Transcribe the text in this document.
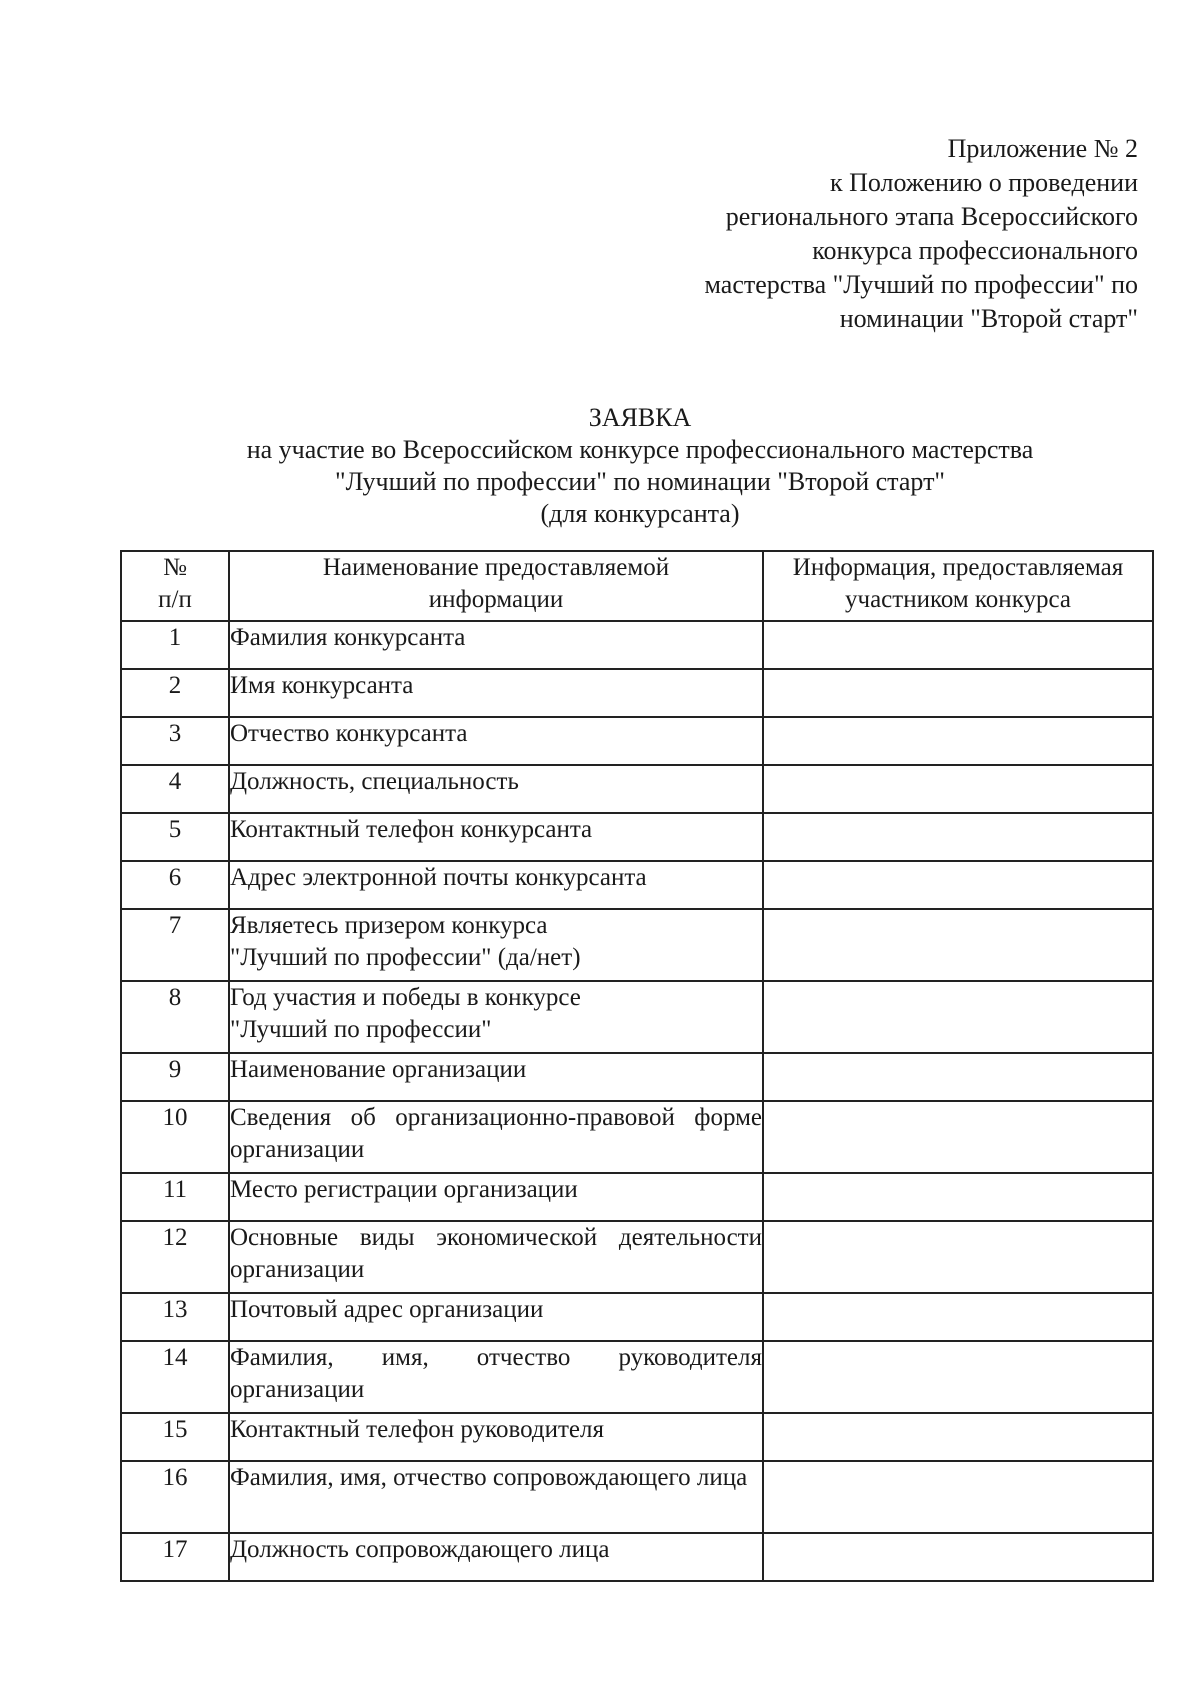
Приложение № 2
к Положению о проведении
регионального этапа Всероссийского
конкурса профессионального
мастерства "Лучший по профессии" по
номинации "Второй старт"
ЗАЯВКА
на участие во Всероссийском конкурсе профессионального мастерства
"Лучший по профессии" по номинации "Второй старт"
(для конкурсанта)
№
п/п	Наименование предоставляемой
информации	Информация, предоставляемая
участником конкурса

1	Фамилия конкурсанта	
2	Имя конкурсанта	
3	Отчество конкурсанта	
4	Должность, специальность	
5	Контактный телефон конкурсанта	
6	Адрес электронной почты конкурсанта	
7	Являетесь призером конкурса
"Лучший по профессии" (да/нет)	

8	Год участия и победы в конкурсе
"Лучший по профессии"	

9	Наименование организации	
10	Сведения об организационно-правовой форме организации	
11	Место регистрации организации	
12	Основные виды экономической деятельности организации	
13	Почтовый адрес организации	
14	Фамилия, имя, отчество руководителя организации	
15	Контактный телефон руководителя	
16	Фамилия, имя, отчество сопровождающего лица	
17	Должность сопровождающего лица	
